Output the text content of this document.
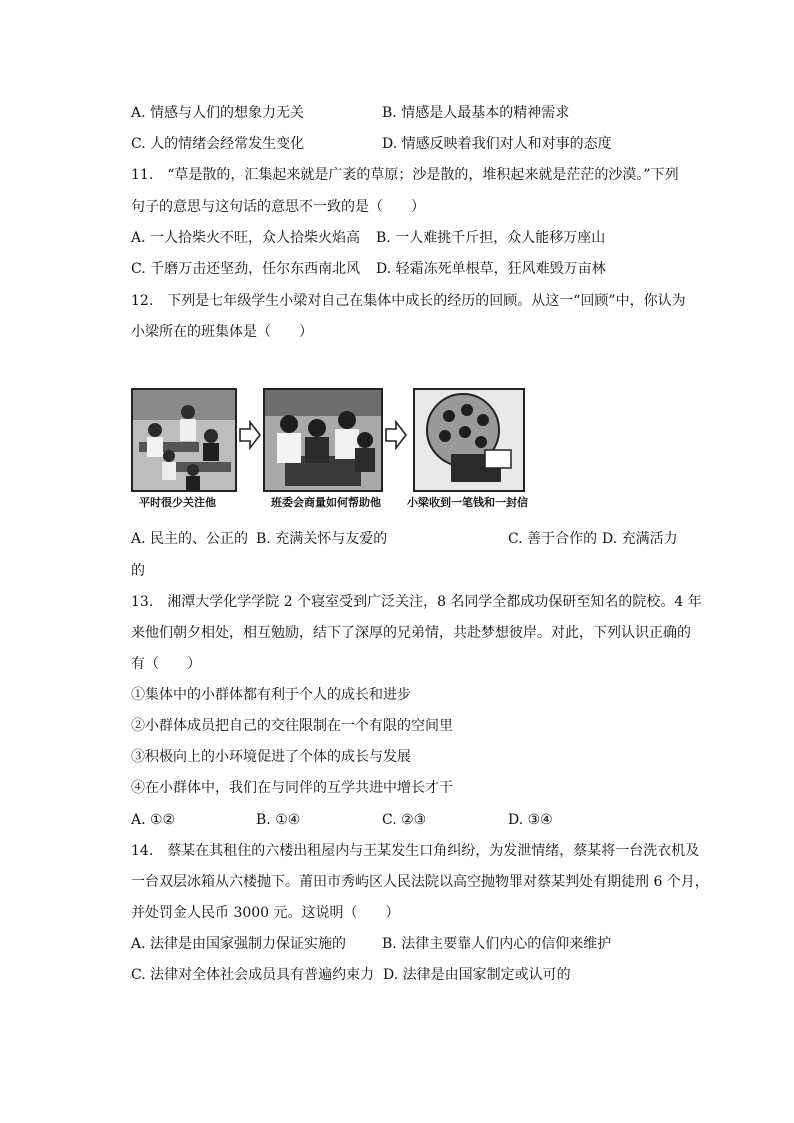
A. 情感与人们的想象力无关	B. 情感是人最基本的精神需求
C. 人的情绪会经常发生变化	D. 情感反映着我们对人和对事的态度
11.　“草是散的，汇集起来就是广袤的草原；沙是散的，堆积起来就是茫茫的沙漠。”下列
句子的意思与这句话的意思不一致的是（　　）
A. 一人拾柴火不旺，众人拾柴火焰高 B. 一人难挑千斤担，众人能移万座山
C. 千磨万击还坚劲，任尔东西南北风 D. 轻霜冻死单根草，狂风难毁万亩林
12.　下列是七年级学生小梁对自己在集体中成长的经历的回顾。从这一“回顾”中，你认为
小梁所在的班集体是（　　）
平时很少关注他	班委会商量如何帮助他 小梁收到一笔钱和一封信
A. 民主的、公正的 B. 充满关怀与友爱的	C. 善于合作的 D. 充满活力
的
13.　湘潭大学化学学院 2 个寝室受到广泛关注，8 名同学全都成功保研至知名的院校。4 年
来他们朝夕相处，相互勉励，结下了深厚的兄弟情，共赴梦想彼岸。对此，下列认识正确的
有（　　）
①集体中的小群体都有利于个人的成长和进步
②小群体成员把自己的交往限制在一个有限的空间里
③积极向上的小环境促进了个体的成长与发展
④在小群体中，我们在与同伴的互学共进中增长才干
A. ①②	B. ①④	C. ②③	D. ③④
14.　蔡某在其租住的六楼出租屋内与王某发生口角纠纷，为发泄情绪，蔡某将一台洗衣机及
一台双层冰箱从六楼抛下。莆田市秀屿区人民法院以高空抛物罪对蔡某判处有期徒刑 6 个月，
并处罚金人民币 3000 元。这说明（　　）
A. 法律是由国家强制力保证实施的	B. 法律主要靠人们内心的信仰来维护
C. 法律对全体社会成员具有普遍约束力 D. 法律是由国家制定或认可的
